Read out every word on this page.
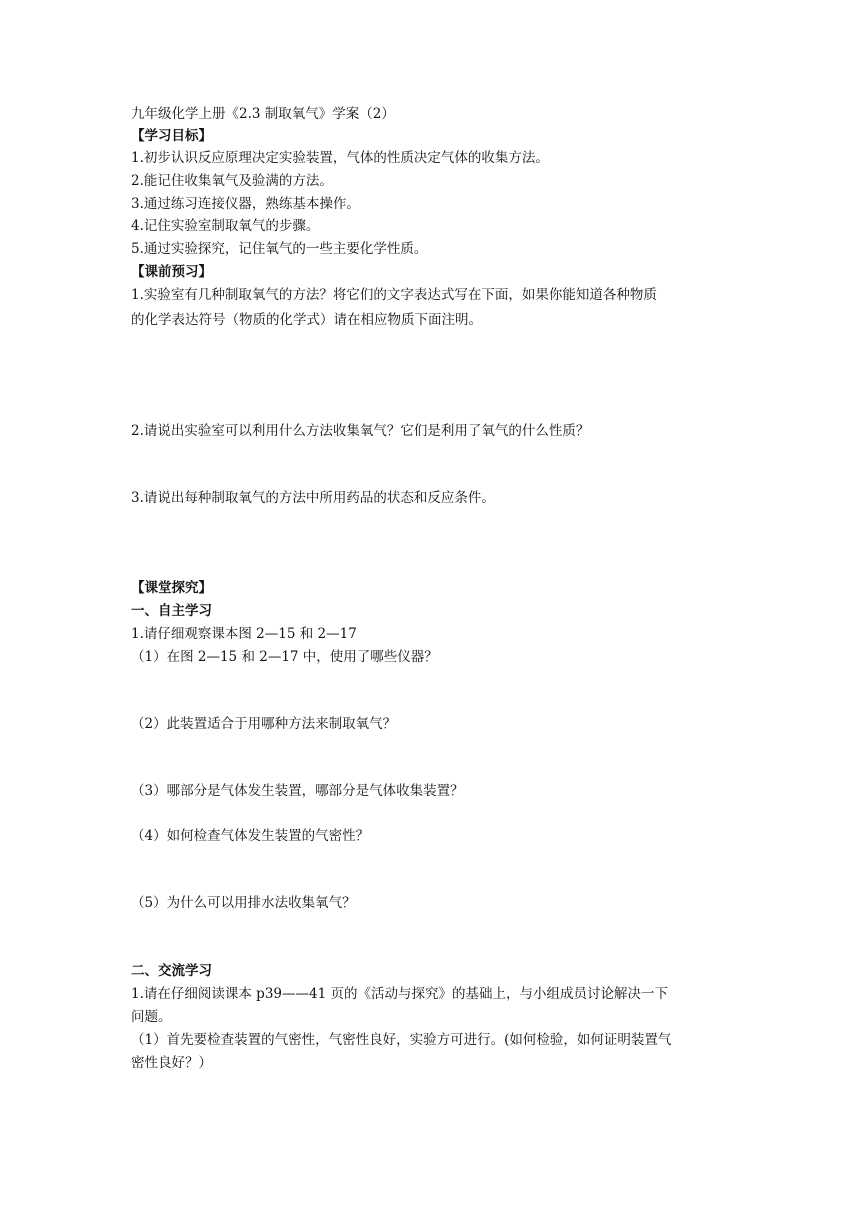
九年级化学上册《2.3 制取氧气》学案（2）
【学习目标】
1.初步认识反应原理决定实验装置，气体的性质决定气体的收集方法。
2.能记住收集氧气及验满的方法。
3.通过练习连接仪器，熟练基本操作。
4.记住实验室制取氧气的步骤。
5.通过实验探究，记住氧气的一些主要化学性质。
【课前预习】
1.实验室有几种制取氧气的方法？将它们的文字表达式写在下面，如果你能知道各种物质
的化学表达符号（物质的化学式）请在相应物质下面注明。
2.请说出实验室可以利用什么方法收集氧气？它们是利用了氧气的什么性质？
3.请说出每种制取氧气的方法中所用药品的状态和反应条件。
【课堂探究】
一、自主学习
1.请仔细观察课本图 2—15 和 2—17
（1）在图 2—15 和 2—17 中，使用了哪些仪器？
（2）此装置适合于用哪种方法来制取氧气？
（3）哪部分是气体发生装置，哪部分是气体收集装置？
（4）如何检查气体发生装置的气密性？
（5）为什么可以用排水法收集氧气？
二、交流学习
1.请在仔细阅读课本 p39——41 页的《活动与探究》的基础上，与小组成员讨论解决一下
问题。
（1）首先要检查装置的气密性，气密性良好，实验方可进行。(如何检验，如何证明装置气
密性良好？）
